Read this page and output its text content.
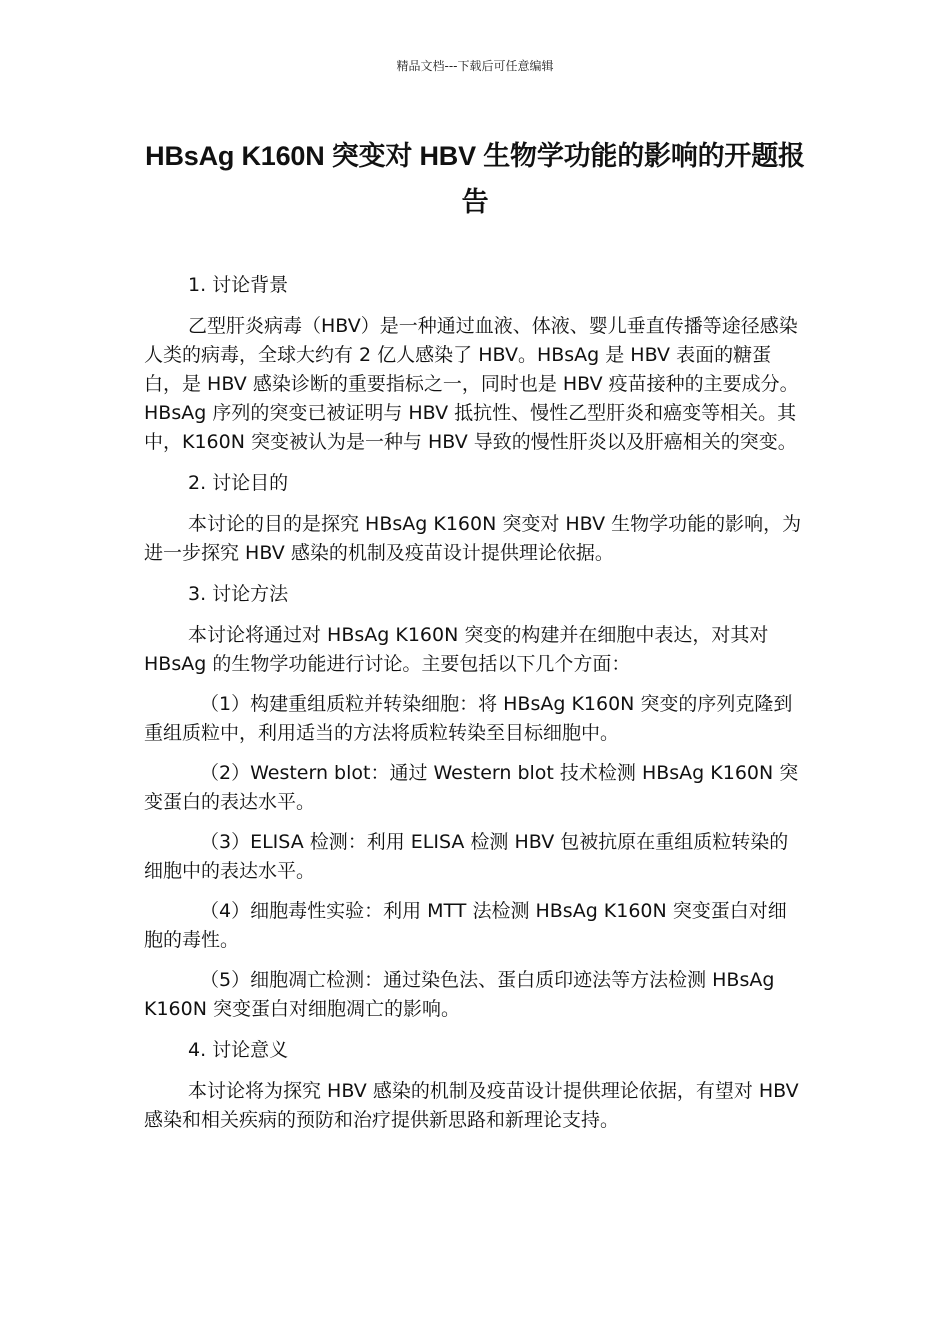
精品文档---下载后可任意编辑
HBsAg K160N 突变对 HBV 生物学功能的影响的开题报告
1. 讨论背景
乙型肝炎病毒（HBV）是一种通过血液、体液、婴儿垂直传播等途径感染人类的病毒，全球大约有 2 亿人感染了 HBV。HBsAg 是 HBV 表面的糖蛋白，是 HBV 感染诊断的重要指标之一，同时也是 HBV 疫苗接种的主要成分。HBsAg 序列的突变已被证明与 HBV 抵抗性、慢性乙型肝炎和癌变等相关。其中，K160N 突变被认为是一种与 HBV 导致的慢性肝炎以及肝癌相关的突变。
2. 讨论目的
本讨论的目的是探究 HBsAg K160N 突变对 HBV 生物学功能的影响，为进一步探究 HBV 感染的机制及疫苗设计提供理论依据。
3. 讨论方法
本讨论将通过对 HBsAg K160N 突变的构建并在细胞中表达，对其对 HBsAg 的生物学功能进行讨论。主要包括以下几个方面：
（1）构建重组质粒并转染细胞：将 HBsAg K160N 突变的序列克隆到重组质粒中，利用适当的方法将质粒转染至目标细胞中。
（2）Western blot：通过 Western blot 技术检测 HBsAg K160N 突变蛋白的表达水平。
（3）ELISA 检测：利用 ELISA 检测 HBV 包被抗原在重组质粒转染的细胞中的表达水平。
（4）细胞毒性实验：利用 MTT 法检测 HBsAg K160N 突变蛋白对细胞的毒性。
（5）细胞凋亡检测：通过染色法、蛋白质印迹法等方法检测 HBsAg K160N 突变蛋白对细胞凋亡的影响。
4. 讨论意义
本讨论将为探究 HBV 感染的机制及疫苗设计提供理论依据，有望对 HBV 感染和相关疾病的预防和治疗提供新思路和新理论支持。
